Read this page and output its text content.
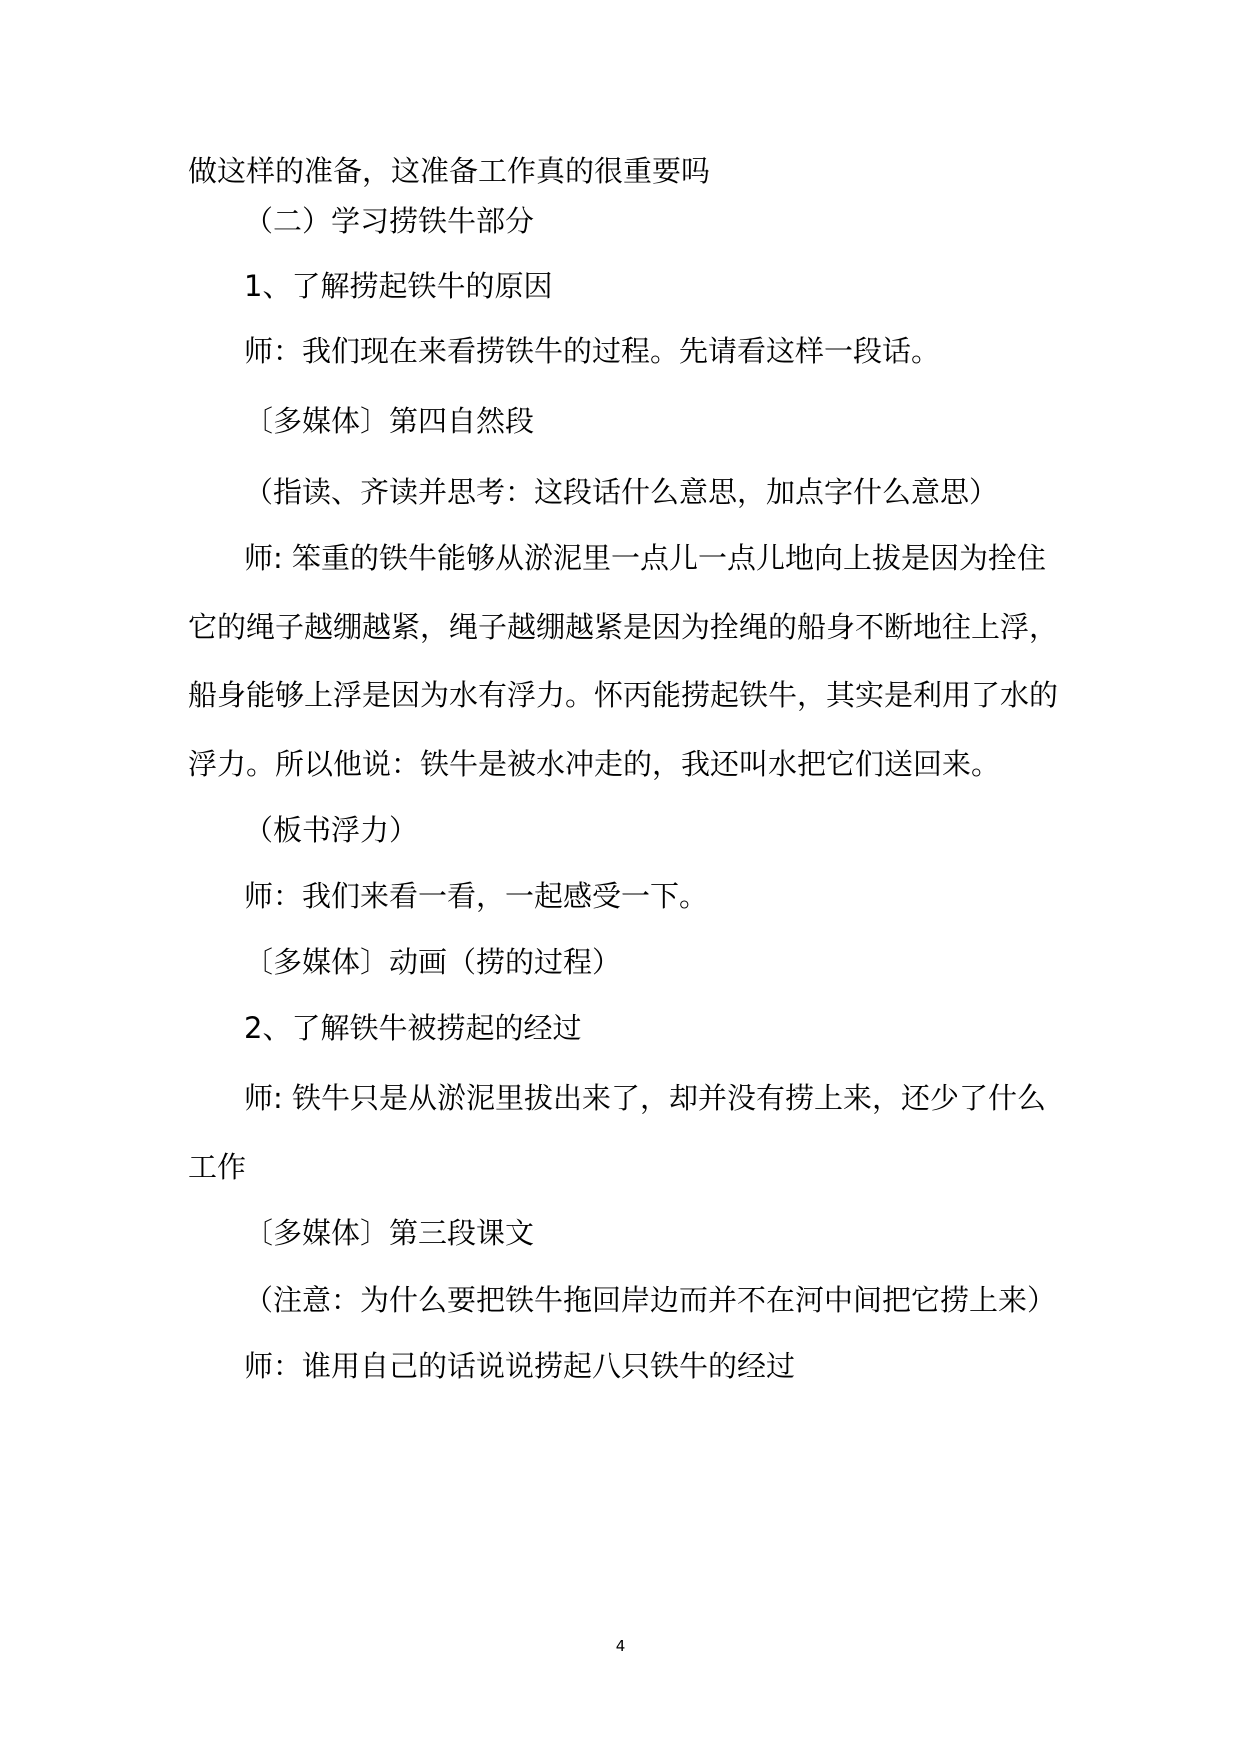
做这样的准备，这准备工作真的很重要吗
（二）学习捞铁牛部分
1、了解捞起铁牛的原因
师：我们现在来看捞铁牛的过程。先请看这样一段话。
〔多媒体〕第四自然段
（指读、齐读并思考：这段话什么意思，加点字什么意思）
师: 笨重的铁牛能够从淤泥里一点儿一点儿地向上拔是因为拴住
它的绳子越绷越紧，绳子越绷越紧是因为拴绳的船身不断地往上浮，
船身能够上浮是因为水有浮力。怀丙能捞起铁牛，其实是利用了水的
浮力。所以他说：铁牛是被水冲走的，我还叫水把它们送回来。
（板书浮力）
师：我们来看一看，一起感受一下。
〔多媒体〕动画（捞的过程）
2、了解铁牛被捞起的经过
师: 铁牛只是从淤泥里拔出来了，却并没有捞上来，还少了什么
工作
〔多媒体〕第三段课文
（注意：为什么要把铁牛拖回岸边而并不在河中间把它捞上来）
师：谁用自己的话说说捞起八只铁牛的经过
4
